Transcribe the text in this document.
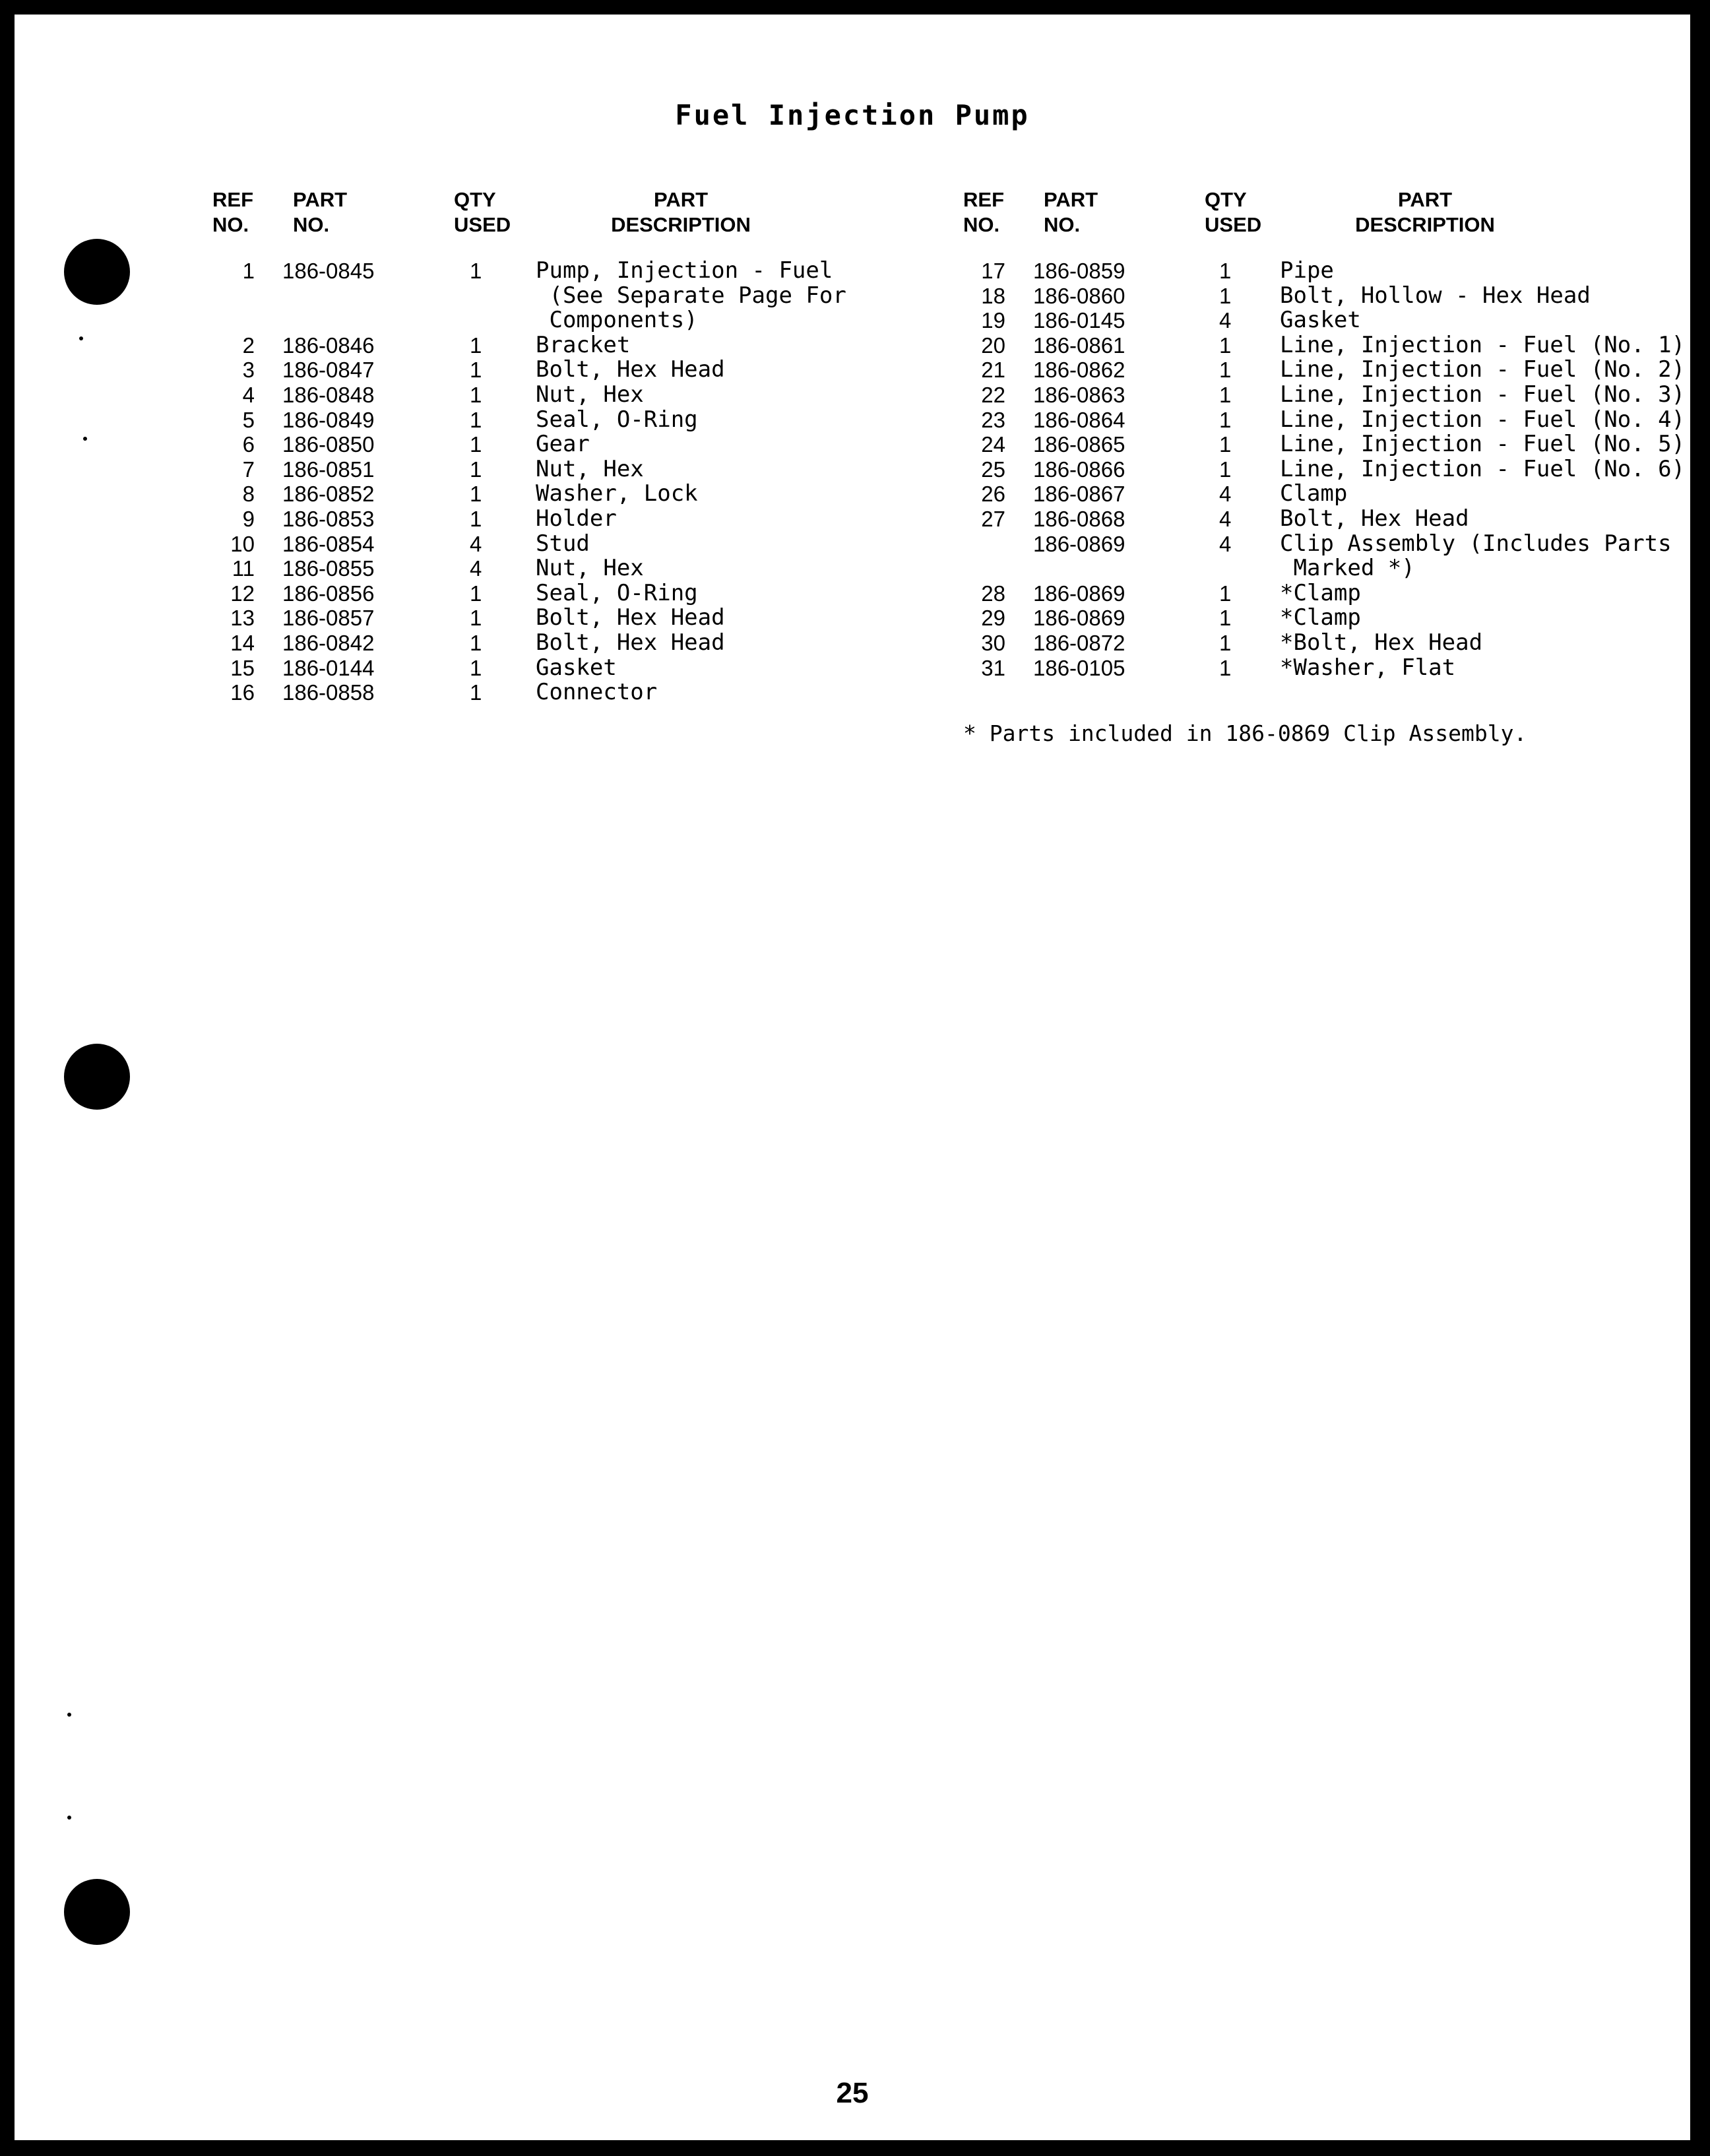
Fuel Injection Pump
REF
NO.
PART
NO.
QTY
USED
PART
DESCRIPTION
1 186-0845	1 Pump, Injection - Fuel
(See Separate Page For
Components)
2 186-0846	1 Bracket
3 186-0847	1 Bolt, Hex Head
4 186-0848	1 Nut, Hex
5 186-0849	1 Seal, O-Ring
6 186-0850	1 Gear
7 186-0851	1 Nut, Hex
8 186-0852	1 Washer, Lock
9 186-0853	1 Holder
10 186-0854	4 Stud
11 186-0855	4 Nut, Hex
12 186-0856	1 Seal, O-Ring
13 186-0857	1 Bolt, Hex Head
14 186-0842	1 Bolt, Hex Head
15 186-0144	1 Gasket
16 186-0858	1 Connector
REF
NO.
PART
NO.
QTY
USED
PART
DESCRIPTION
17 186-0859	1 Pipe
18 186-0860	1 Bolt, Hollow - Hex Head
19 186-0145	4 Gasket
20 186-0861	1 Line, Injection - Fuel (No. 1)
21 186-0862	1 Line, Injection - Fuel (No. 2)
22 186-0863	1 Line, Injection - Fuel (No. 3)
23 186-0864	1 Line, Injection - Fuel (No. 4)
24 186-0865	1 Line, Injection - Fuel (No. 5)
25 186-0866	1 Line, Injection - Fuel (No. 6)
26 186-0867	4 Clamp
27 186-0868	4 Bolt, Hex Head
186-0869	4 Clip Assembly (Includes Parts
Marked *)
28 186-0869	1 *Clamp
29 186-0869	1 *Clamp
30 186-0872	1 *Bolt, Hex Head
31 186-0105	1 *Washer, Flat
* Parts included in 186-0869 Clip Assembly.
25
